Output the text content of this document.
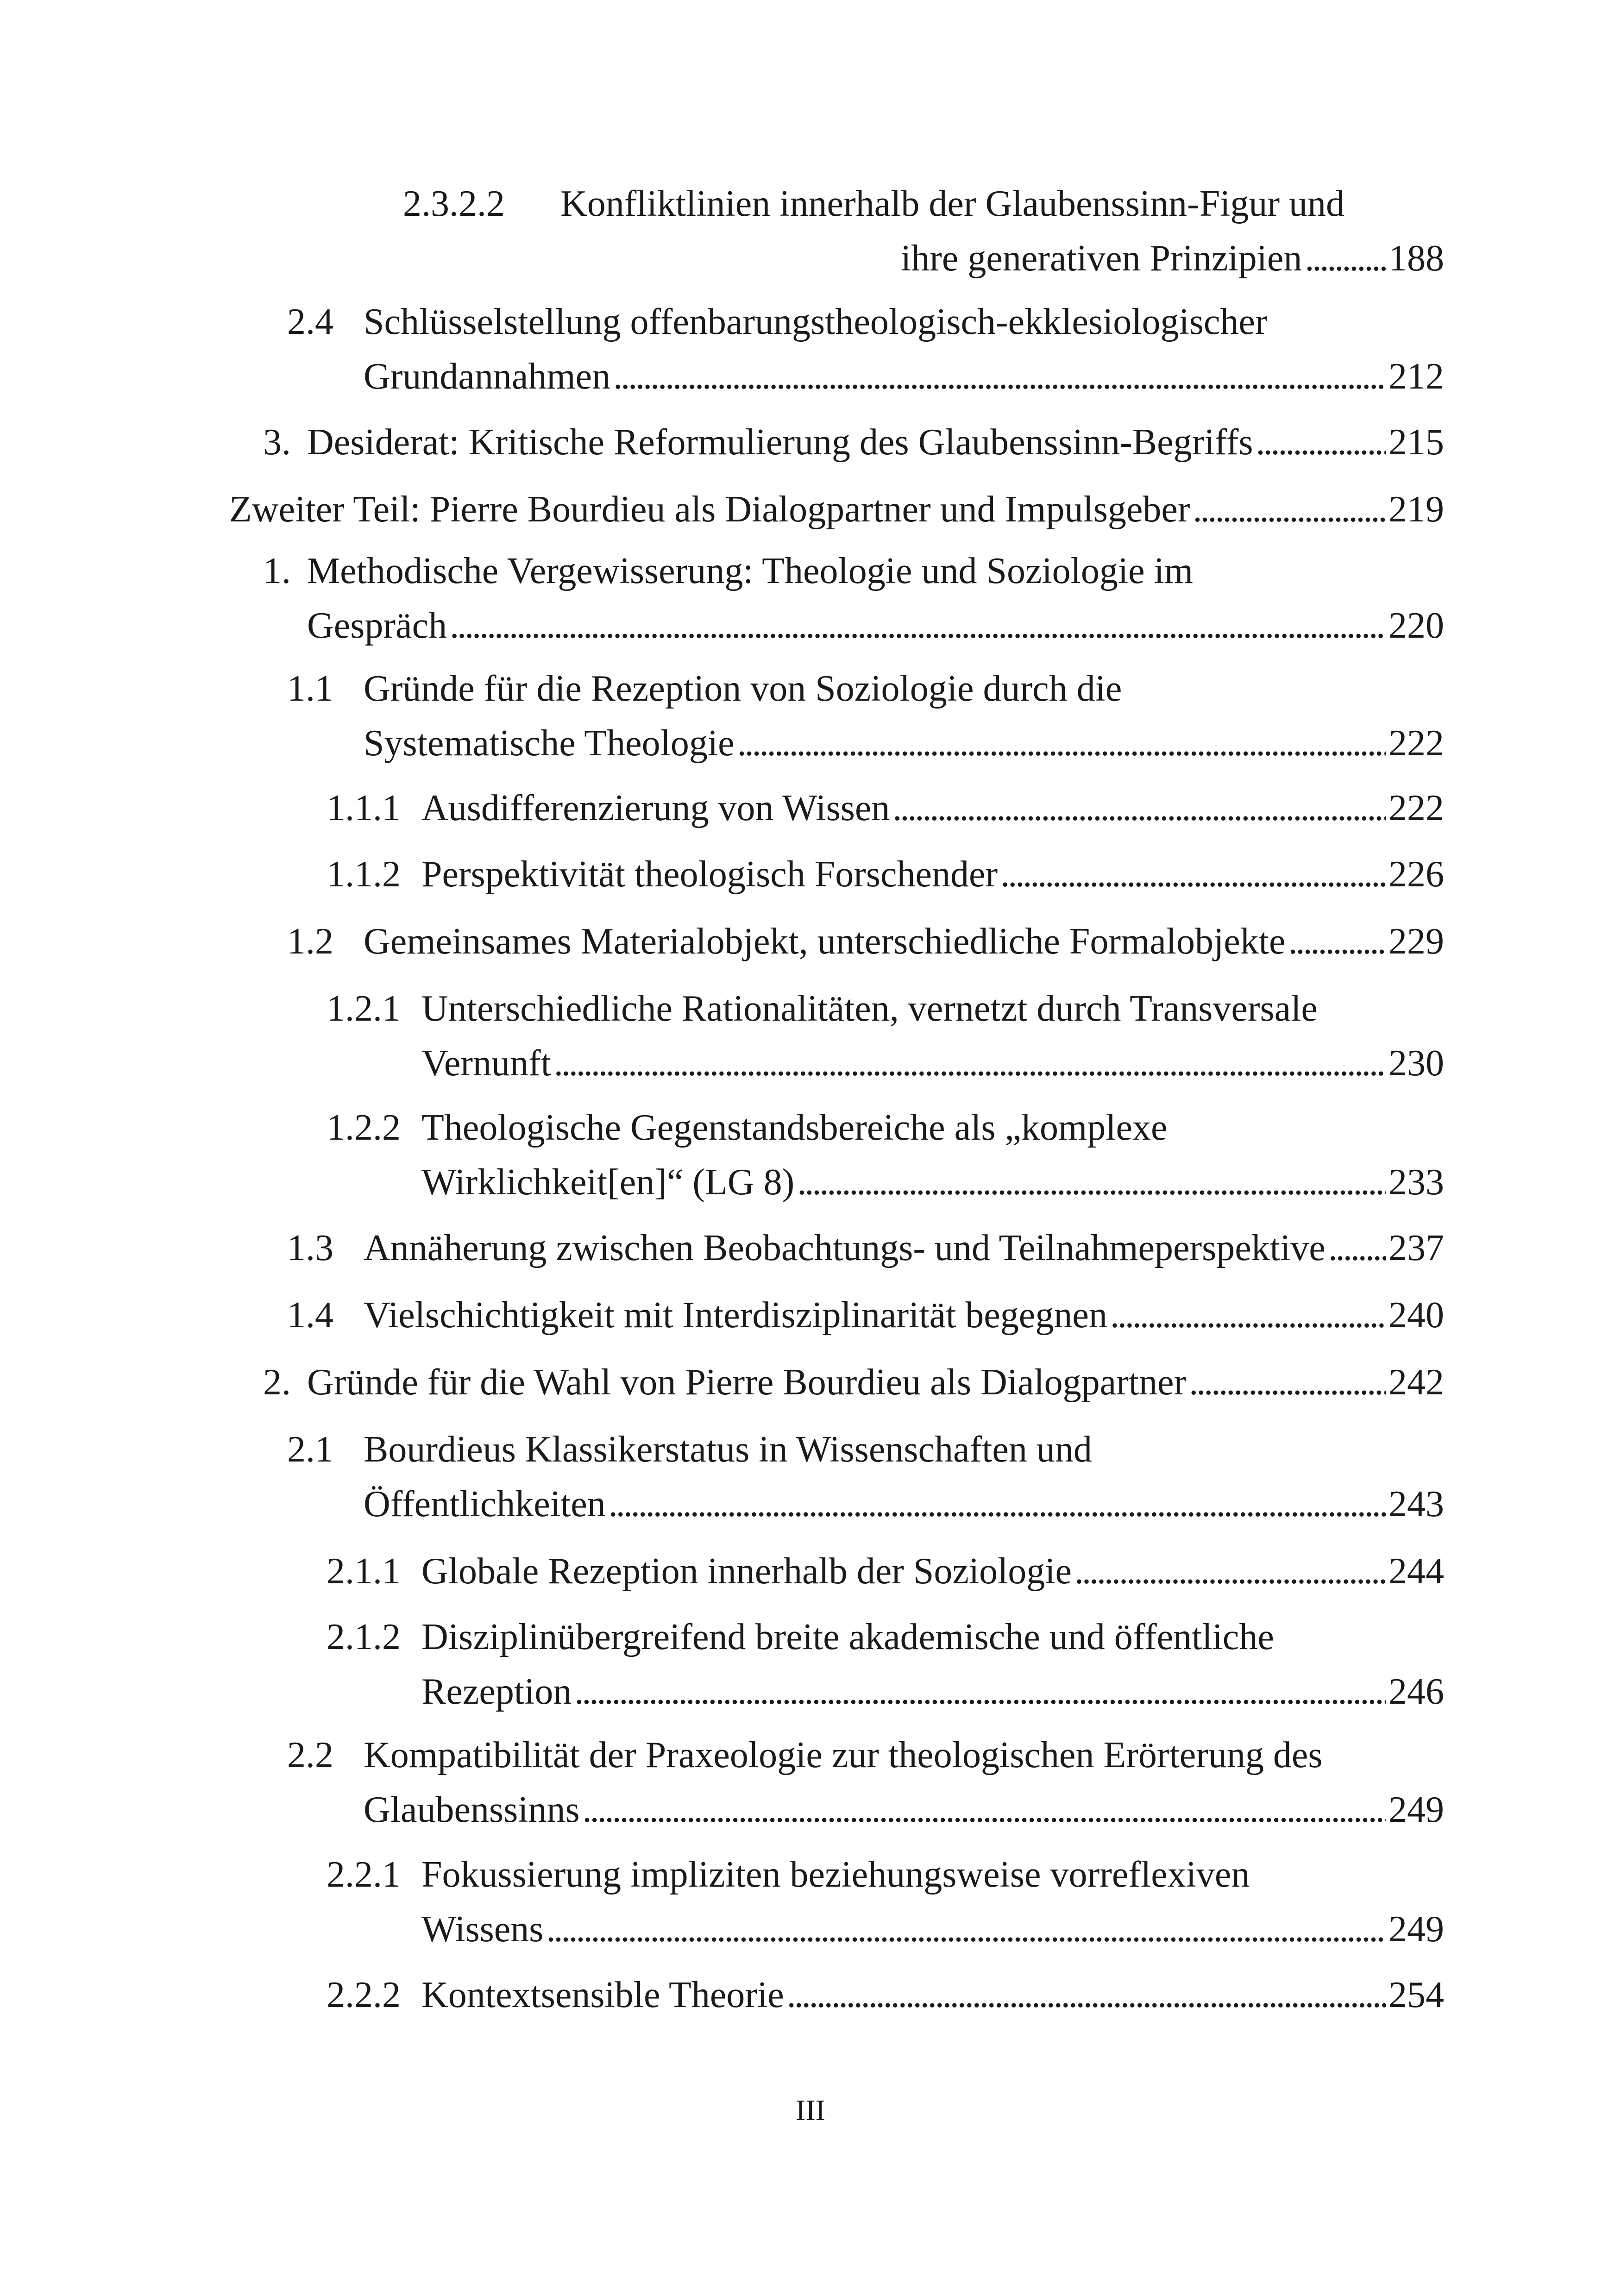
2.3.2.2 Konfliktlinien innerhalb der Glaubenssinn-Figur und
ihre generativen Prinzipien . . . 188
2.4 Schlüsselstellung offenbarungstheologisch-ekklesiologischer
Grundannahmen . . .	212
3. Desiderat: Kritische Reformulierung des Glaubenssinn-Begriffs . . .	215
Zweiter Teil: Pierre Bourdieu als Dialogpartner und Impulsgeber . . .	219
1. Methodische Vergewisserung: Theologie und Soziologie im
Gespräch . . .	220
1.1 Gründe für die Rezeption von Soziologie durch die
Systematische Theologie . . .	222
1.1.1 Ausdifferenzierung von Wissen . . .	222
1.1.2 Perspektivität theologisch Forschender . . .	226
1.2 Gemeinsames Materialobjekt, unterschiedliche Formalobjekte . . .	229
1.2.1 Unterschiedliche Rationalitäten, vernetzt durch Transversale
Vernunft . . .	230
1.2.2 Theologische Gegenstandsbereiche als „komplexe
Wirklichkeit[en]“ (LG 8) . . .	233
1.3 Annäherung zwischen Beobachtungs- und Teilnahmeperspektive . . . 237
1.4 Vielschichtigkeit mit Interdisziplinarität begegnen . . .	240
2. Gründe für die Wahl von Pierre Bourdieu als Dialogpartner . . .	242
2.1 Bourdieus Klassikerstatus in Wissenschaften und
Öffentlichkeiten . . .	243
2.1.1 Globale Rezeption innerhalb der Soziologie . . .	244
2.1.2 Disziplinübergreifend breite akademische und öffentliche
Rezeption . . .	246
2.2 Kompatibilität der Praxeologie zur theologischen Erörterung des
Glaubenssinns . . .	249
2.2.1 Fokussierung impliziten beziehungsweise vorreflexiven
Wissens . . .	249
2.2.2 Kontextsensible Theorie . . .	254
III
